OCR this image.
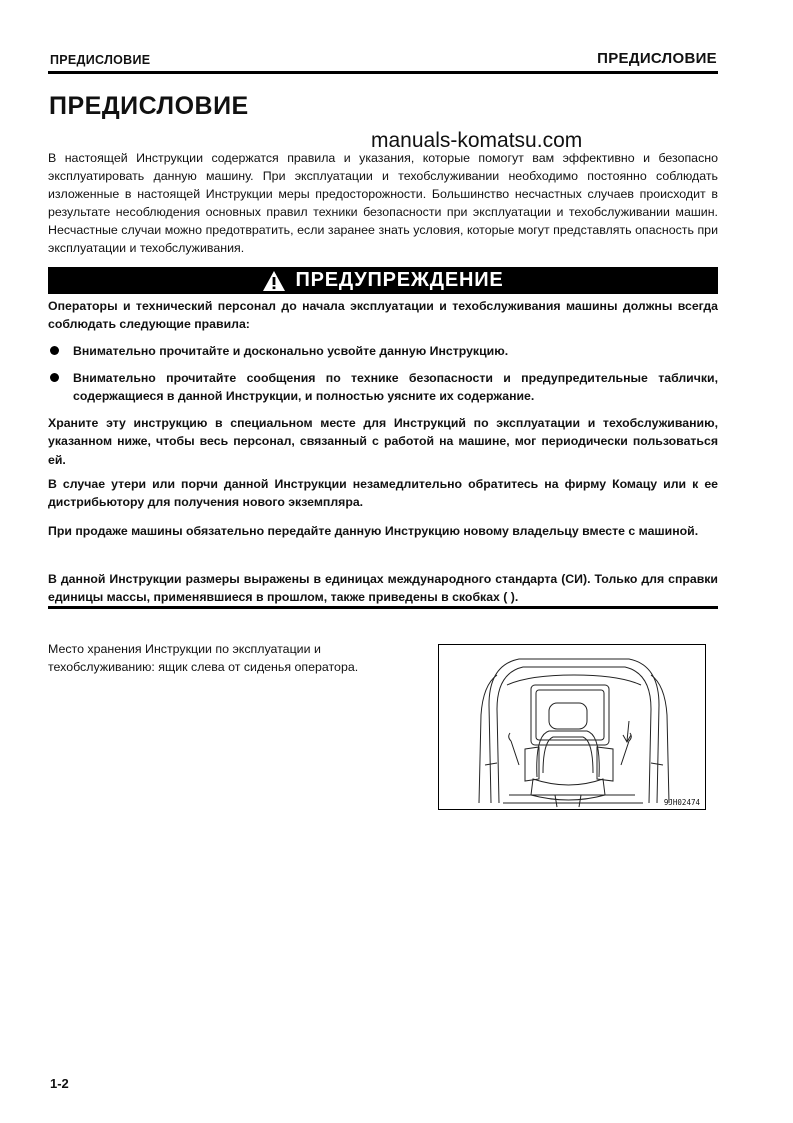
ПРЕДИСЛОВИЕ	ПРЕДИСЛОВИЕ
ПРЕДИСЛОВИЕ
manuals-komatsu.com
В настоящей Инструкции содержатся правила и указания, которые помогут вам эффективно и безопасно эксплуатировать данную машину. При эксплуатации и техобслуживании необходимо постоянно соблюдать изложенные в настоящей Инструкции меры предосторожности. Большинство несчастных случаев происходит в результате несоблюдения основных правил техники безопасности при эксплуатации и техобслуживании машин. Несчастные случаи можно предотвратить, если заранее знать условия, которые могут представлять опасность при эксплуатации и техобслуживания.
ПРЕДУПРЕЖДЕНИЕ
Операторы и технический персонал до начала эксплуатации и техобслуживания машины должны всегда соблюдать следующие правила:
Внимательно прочитайте и досконально усвойте данную Инструкцию.
Внимательно прочитайте сообщения по технике безопасности и предупредительные таблички, содержащиеся в данной Инструкции, и полностью уясните их содержание.
Храните эту инструкцию в специальном месте для Инструкций по эксплуатации и техобслуживанию, указанном ниже, чтобы весь персонал, связанный с работой на машине, мог периодически пользоваться ей.
В случае утери или порчи данной Инструкции незамедлительно обратитесь на фирму Комацу или к ее дистрибьютору для получения нового экземпляра.
При продаже машины обязательно передайте данную Инструкцию новому владельцу вместе с машиной.
В данной Инструкции размеры выражены в единицах международного стандарта (СИ). Только для справки единицы массы, применявшиеся в прошлом, также приведены в скобках ( ).
Место хранения Инструкции по эксплуатации и техобслуживанию: ящик слева от сиденья оператора.
9JH02474
1-2
